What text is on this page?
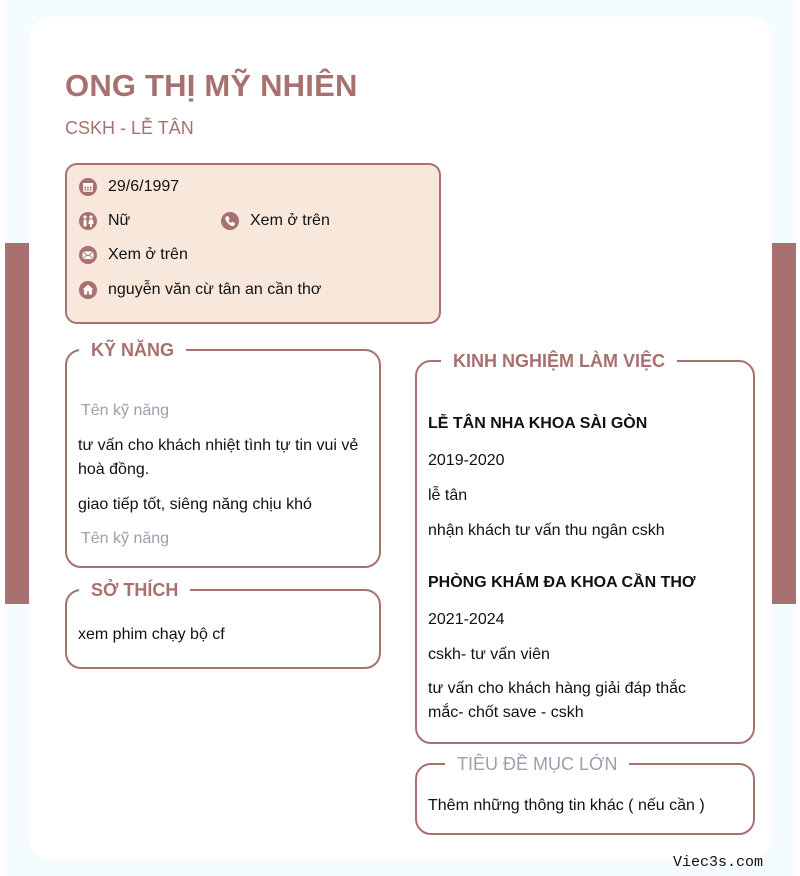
ONG THỊ MỸ NHIÊN
CSKH - LỄ TÂN
29/6/1997
Nữ	Xem ở trên
Xem ở trên
nguyễn văn cừ tân an cần thơ
KỸ NĂNG
Tên kỹ năng
tư vấn cho khách nhiệt tình tự tin vui vẻ hoà đồng.
giao tiếp tốt, siêng năng chịu khó
Tên kỹ năng
SỞ THÍCH
xem phim chạy bộ cf
KINH NGHIỆM LÀM VIỆC
LỄ TÂN NHA KHOA SÀI GÒN
2019-2020
lễ tân
nhận khách tư vấn thu ngân cskh
PHÒNG KHÁM ĐA KHOA CẦN THƠ
2021-2024
cskh- tư vấn viên
tư vấn cho khách hàng giải đáp thắc mắc- chốt save - cskh
TIÊU ĐỀ MỤC LỚN
Thêm những thông tin khác ( nếu cần )
Viec3s.com
